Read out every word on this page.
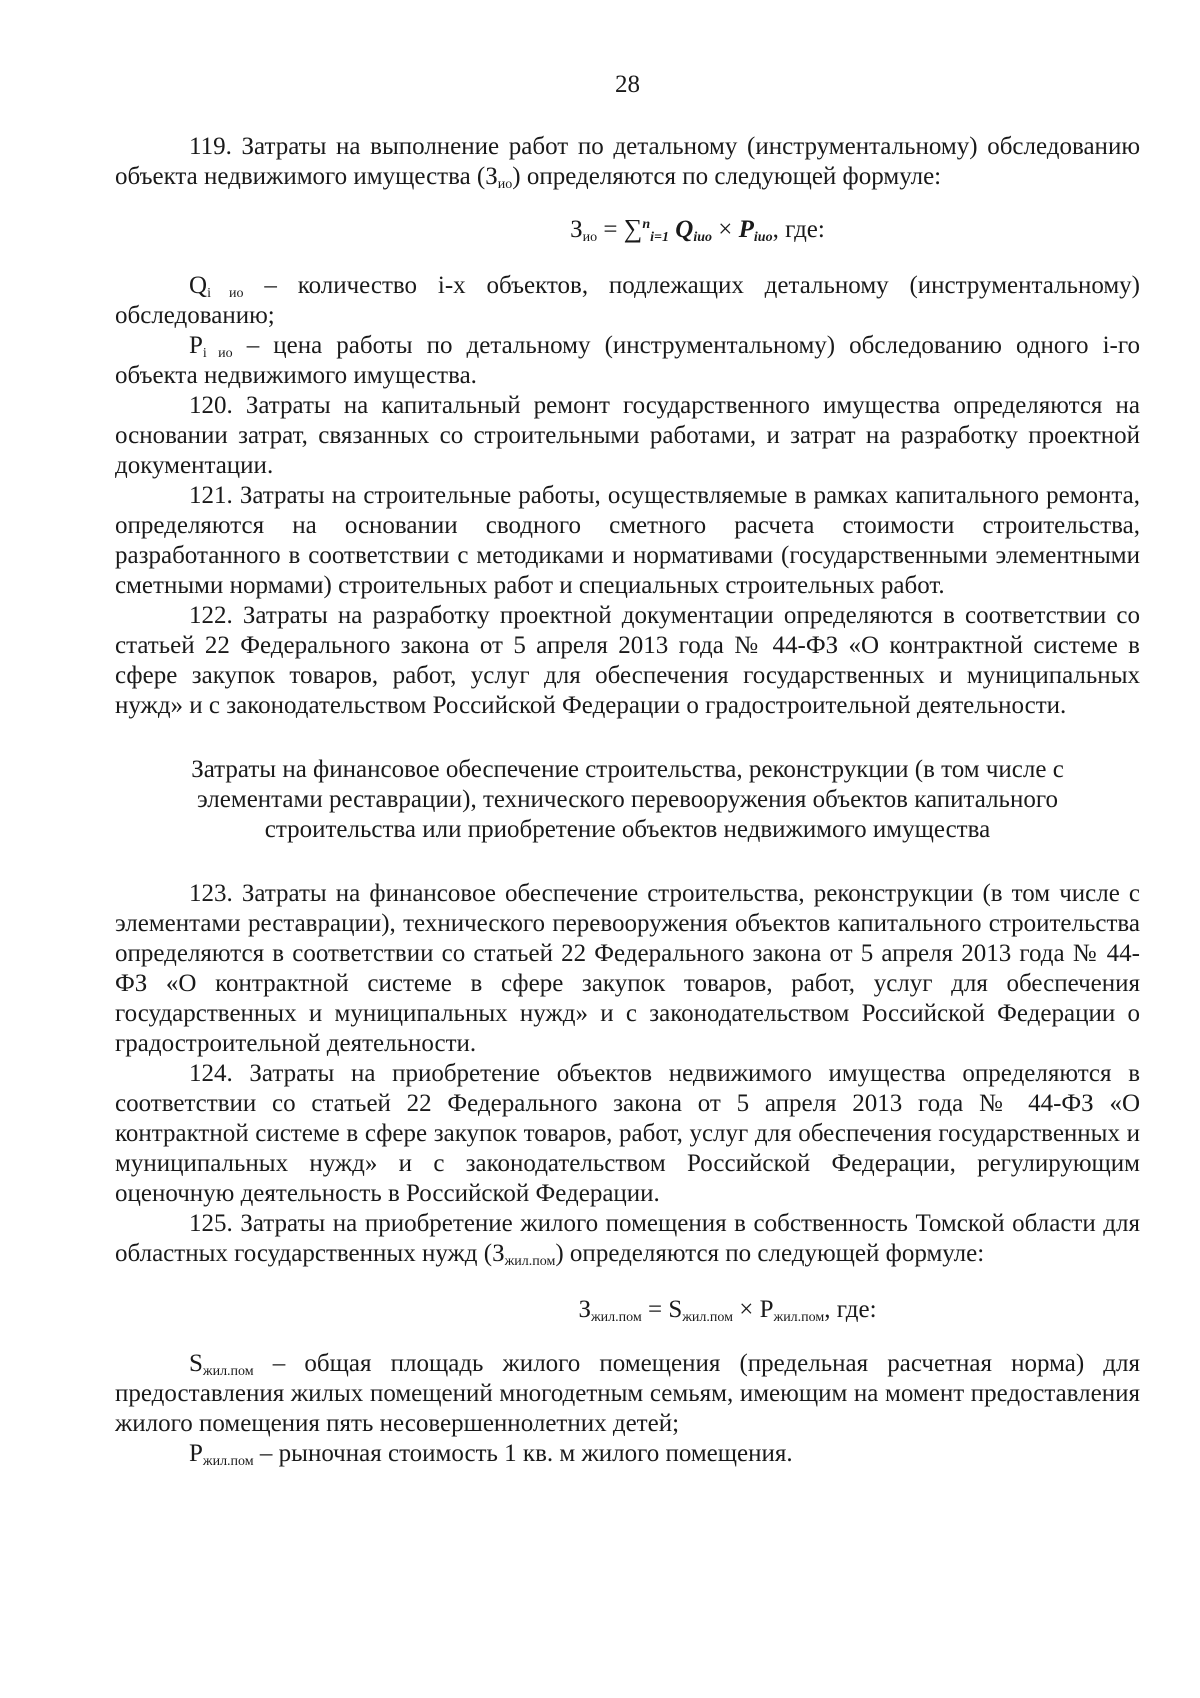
28

119. Затраты на выполнение работ по детальному (инструментальному) обследованию объекта недвижимого имущества $(З_{ио})$ определяются по следующей формуле:

$З_{ио} = \sum^n_{i=1}$ $Q_{iио} \times P_{iио}$, где:

$Q_{i ио}$ – количество i-х объектов, подлежащих детальному (инструментальному) обследованию;

$P_{i ио}$ – цена работы по детальному (инструментальному) обследованию одного i-го объекта недвижимого имущества.

120. Затраты на капитальный ремонт государственного имущества определяются на основании затрат, связанных со строительными работами, и затрат на разработку проектной документации.

121. Затраты на строительные работы, осуществляемые в рамках капитального ремонта, определяются на основании сводного сметного расчета стоимости строительства, разработанного в соответствии с методиками и нормативами (государственными элементными сметными нормами) строительных работ и специальных строительных работ.

122. Затраты на разработку проектной документации определяются в соответствии со статьей 22 Федерального закона от 5 апреля 2013 года № 44-ФЗ «О контрактной системе в сфере закупок товаров, работ, услуг для обеспечения государственных и муниципальных нужд» и с законодательством Российской Федерации о градостроительной деятельности.

Затраты на финансовое обеспечение строительства, реконструкции (в том числе с элементами реставрации), технического перевооружения объектов капитального строительства или приобретение объектов недвижимого имущества

123. Затраты на финансовое обеспечение строительства, реконструкции (в том числе с элементами реставрации), технического перевооружения объектов капитального строительства определяются в соответствии со статьей 22 Федерального закона от 5 апреля 2013 года № 44-ФЗ «О контрактной системе в сфере закупок товаров, работ, услуг для обеспечения государственных и муниципальных нужд» и с законодательством Российской Федерации о градостроительной деятельности.

124. Затраты на приобретение объектов недвижимого имущества определяются в соответствии со статьей 22 Федерального закона от 5 апреля 2013 года № 44-ФЗ «О контрактной системе в сфере закупок товаров, работ, услуг для обеспечения государственных и муниципальных нужд» и с законодательством Российской Федерации, регулирующим оценочную деятельность в Российской Федерации.

125. Затраты на приобретение жилого помещения в собственность Томской области для областных государственных нужд $(З_{жил.пом})$ определяются по следующей формуле:

$З_{жил.пом} = S_{жил.пом} \times P_{жил.пом}$, где:

$S_{жил.пом}$ – общая площадь жилого помещения (предельная расчетная норма) для предоставления жилых помещений многодетным семьям, имеющим на момент предоставления жилого помещения пять несовершеннолетних детей;

$P_{жил.пом}$ – рыночная стоимость 1 кв. м жилого помещения.
